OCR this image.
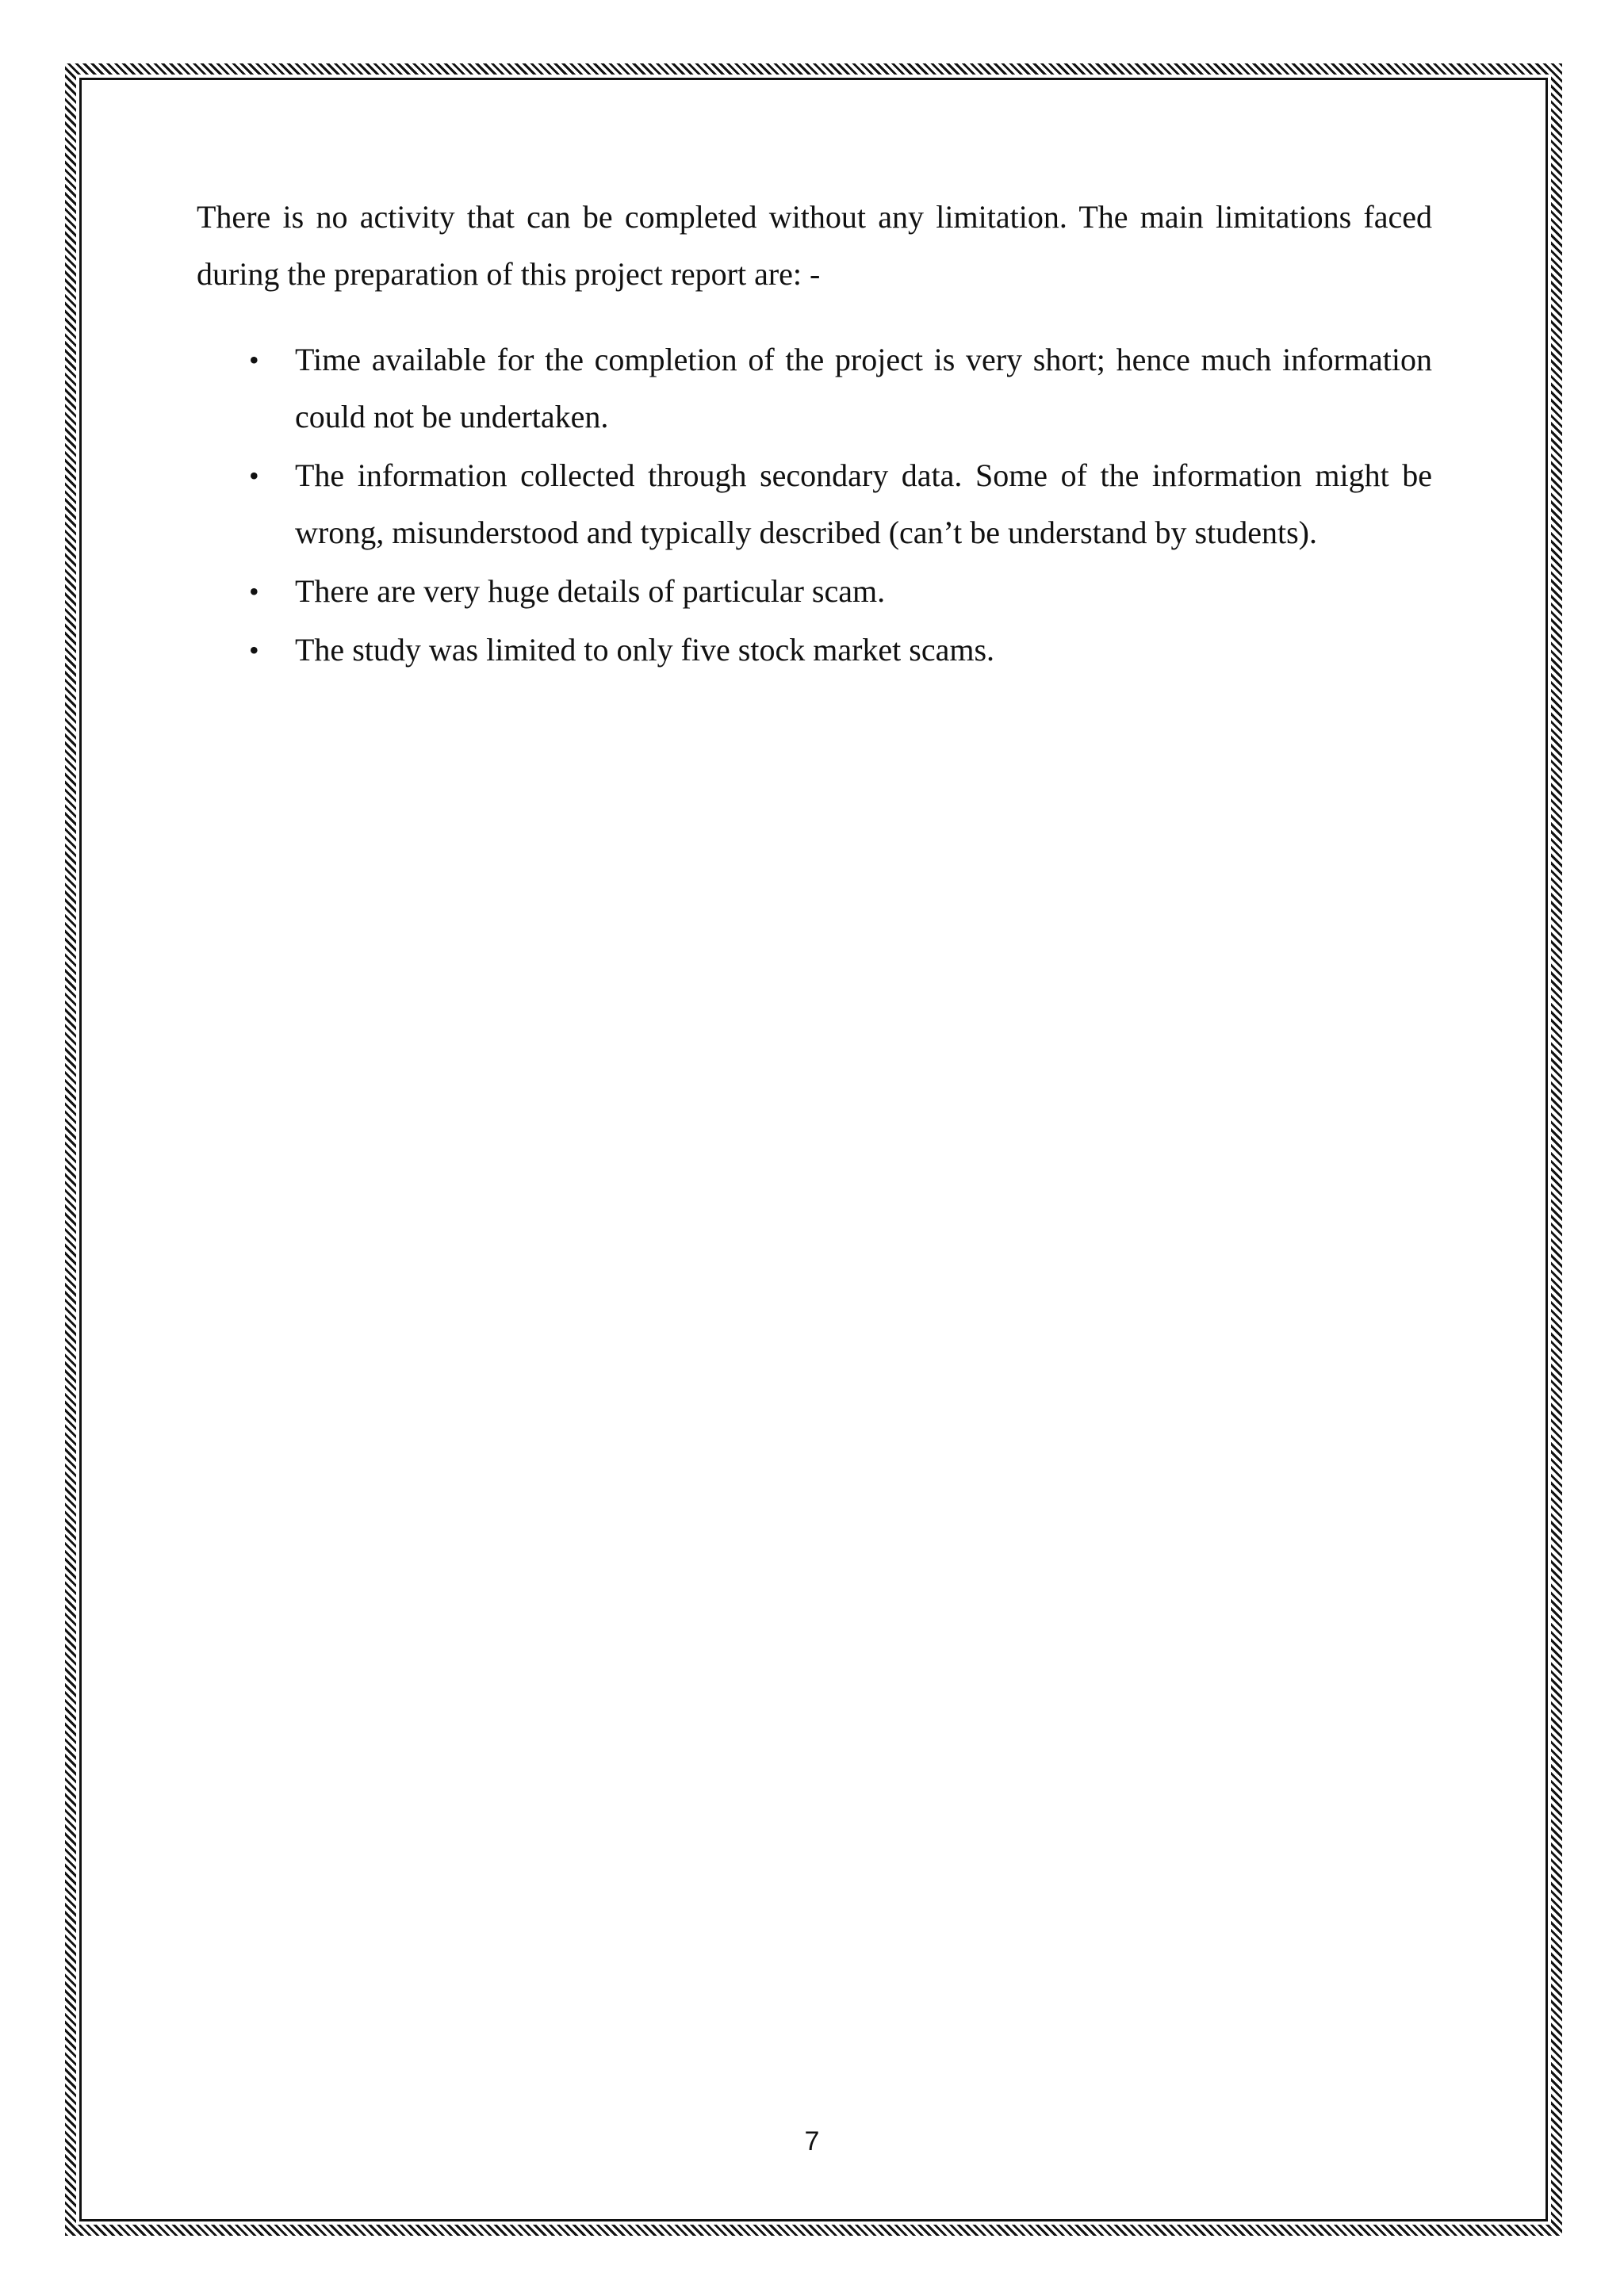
There is no activity that can be completed without any limitation. The main limitations faced during the preparation of this project report are: -

• Time available for the completion of the project is very short; hence much information could not be undertaken.
• The information collected through secondary data. Some of the information might be wrong, misunderstood and typically described (can’t be understand by students).
• There are very huge details of particular scam.
• The study was limited to only five stock market scams.
7
